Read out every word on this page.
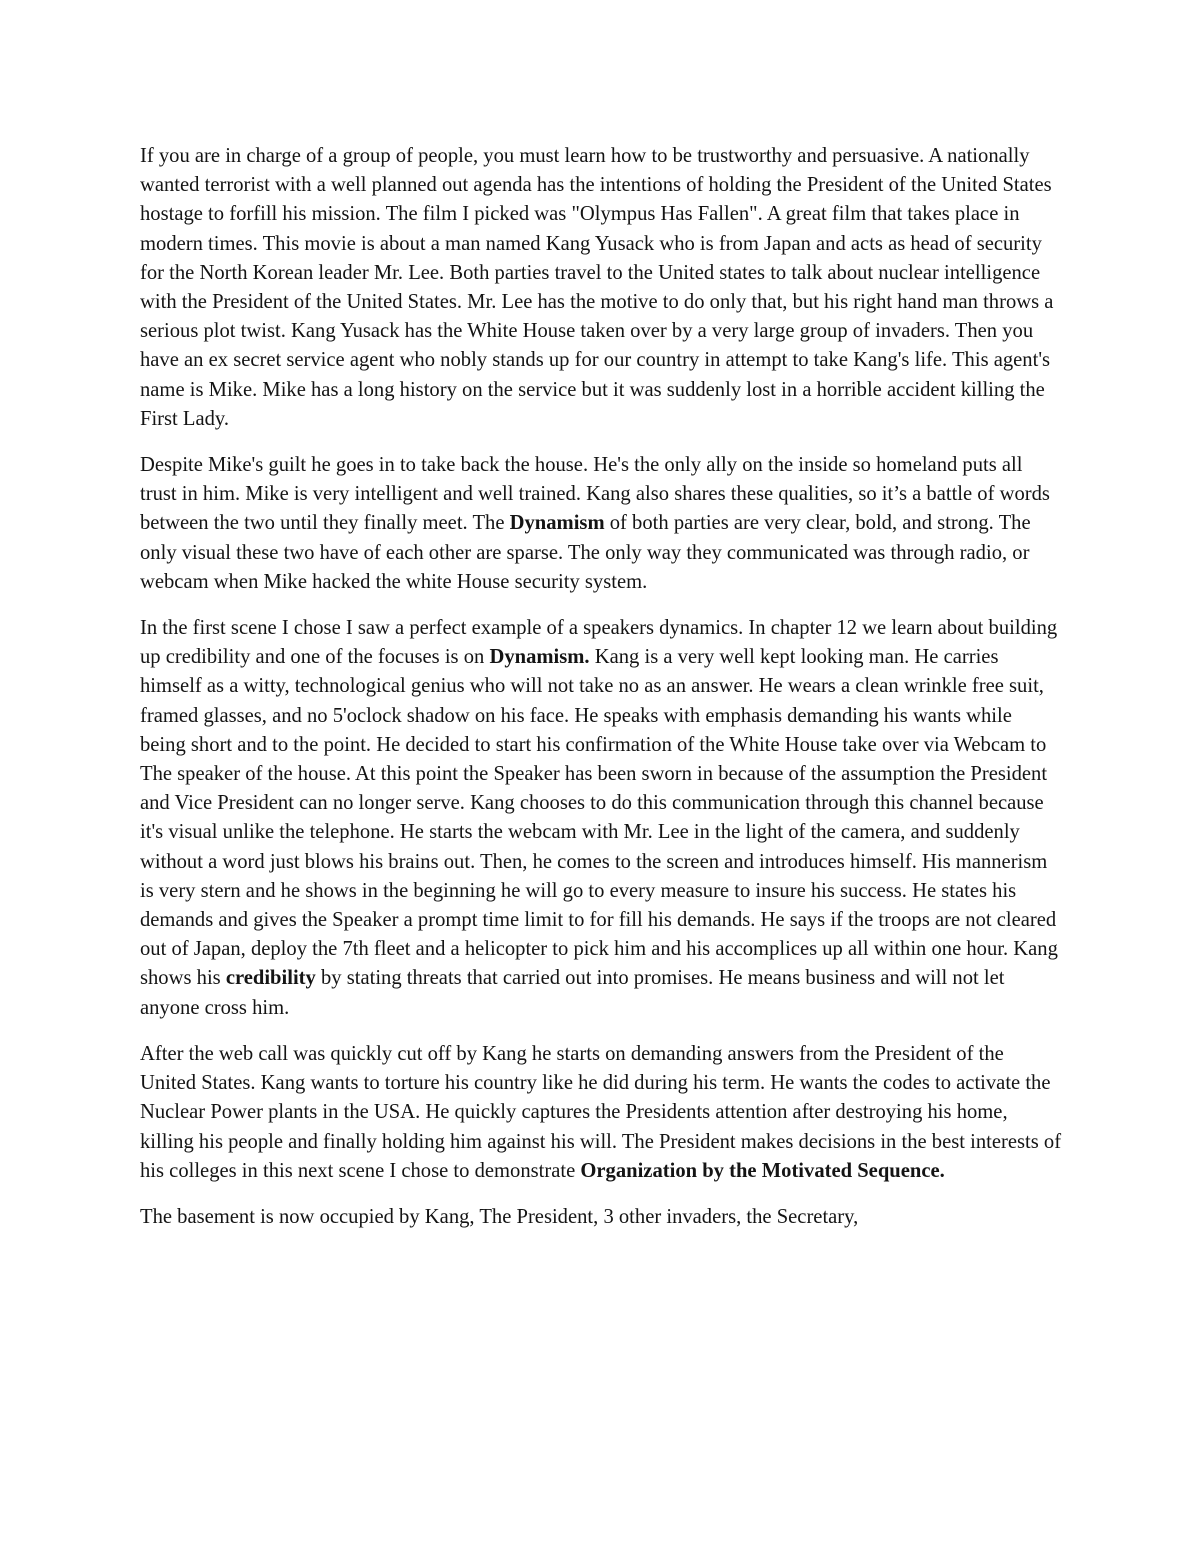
If you are in charge of a group of people, you must learn how to be trustworthy and persuasive. A nationally wanted terrorist with a well planned out agenda has the intentions of holding the President of the United States hostage to forfill his mission. The film I picked was "Olympus Has Fallen". A great film that takes place in modern times. This movie is about a man named Kang Yusack who is from Japan and acts as head of security for the North Korean leader Mr. Lee. Both parties travel to the United states to talk about nuclear intelligence with the President of the United States. Mr. Lee has the motive to do only that, but his right hand man throws a serious plot twist. Kang Yusack has the White House taken over by a very large group of invaders. Then you have an ex secret service agent who nobly stands up for our country in attempt to take Kang's life. This agent's name is Mike. Mike has a long history on the service but it was suddenly lost in a horrible accident killing the First Lady.

Despite Mike's guilt he goes in to take back the house. He's the only ally on the inside so homeland puts all trust in him. Mike is very intelligent and well trained. Kang also shares these qualities, so it’s a battle of words between the two until they finally meet. The Dynamism of both parties are very clear, bold, and strong. The only visual these two have of each other are sparse. The only way they communicated was through radio, or webcam when Mike hacked the white House security system.

In the first scene I chose I saw a perfect example of a speakers dynamics. In chapter 12 we learn about building up credibility and one of the focuses is on Dynamism. Kang is a very well kept looking man. He carries himself as a witty, technological genius who will not take no as an answer. He wears a clean wrinkle free suit, framed glasses, and no 5'oclock shadow on his face. He speaks with emphasis demanding his wants while being short and to the point. He decided to start his confirmation of the White House take over via Webcam to The speaker of the house. At this point the Speaker has been sworn in because of the assumption the President and Vice President can no longer serve. Kang chooses to do this communication through this channel because it's visual unlike the telephone. He starts the webcam with Mr. Lee in the light of the camera, and suddenly without a word just blows his brains out. Then, he comes to the screen and introduces himself. His mannerism is very stern and he shows in the beginning he will go to every measure to insure his success. He states his demands and gives the Speaker a prompt time limit to for fill his demands. He says if the troops are not cleared out of Japan, deploy the 7th fleet and a helicopter to pick him and his accomplices up all within one hour. Kang shows his credibility by stating threats that carried out into promises. He means business and will not let anyone cross him.

After the web call was quickly cut off by Kang he starts on demanding answers from the President of the United States. Kang wants to torture his country like he did during his term. He wants the codes to activate the Nuclear Power plants in the USA. He quickly captures the Presidents attention after destroying his home, killing his people and finally holding him against his will. The President makes decisions in the best interests of his colleges in this next scene I chose to demonstrate Organization by the Motivated Sequence.

The basement is now occupied by Kang, The President, 3 other invaders, the Secretary,
